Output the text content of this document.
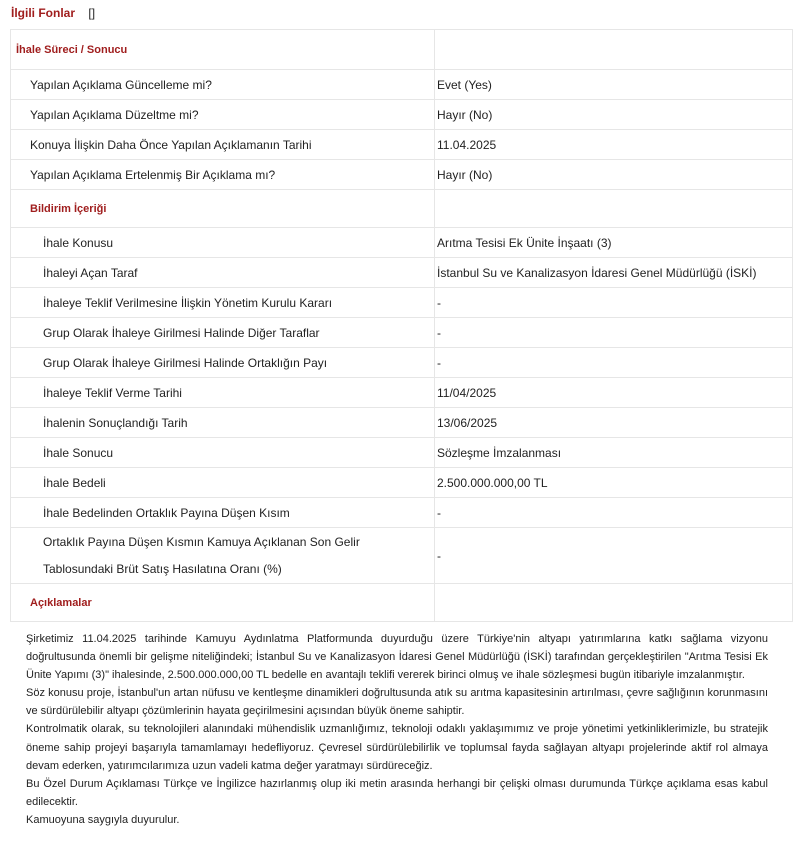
İlgili Fonlar []
İhale Süreci / Sonucu	
Yapılan Açıklama Güncelleme mi?	Evet (Yes)
Yapılan Açıklama Düzeltme mi?	Hayır (No)
Konuya İlişkin Daha Önce Yapılan Açıklamanın Tarihi	11.04.2025
Yapılan Açıklama Ertelenmiş Bir Açıklama mı?	Hayır (No)
Bildirim İçeriği	
İhale Konusu	Arıtma Tesisi Ek Ünite İnşaatı (3)
İhaleyi Açan Taraf	İstanbul Su ve Kanalizasyon İdaresi Genel Müdürlüğü (İSKİ)
İhaleye Teklif Verilmesine İlişkin Yönetim Kurulu Kararı	-
Grup Olarak İhaleye Girilmesi Halinde Diğer Taraflar	-
Grup Olarak İhaleye Girilmesi Halinde Ortaklığın Payı	-
İhaleye Teklif Verme Tarihi	11/04/2025
İhalenin Sonuçlandığı Tarih	13/06/2025
İhale Sonucu	Sözleşme İmzalanması
İhale Bedeli	2.500.000.000,00 TL
İhale Bedelinden Ortaklık Payına Düşen Kısım	-

Ortaklık Payına Düşen Kısmın Kamuya Açıklanan Son Gelir
Tablosundaki Brüt Satış Hasılatına Oranı (%)	-
Açıklamalar	

Şirketimiz 11.04.2025 tarihinde Kamuyu Aydınlatma Platformunda duyurduğu üzere Türkiye'nin altyapı yatırımlarına katkı sağlama vizyonu doğrultusunda önemli bir gelişme niteliğindeki; İstanbul Su ve Kanalizasyon İdaresi Genel Müdürlüğü (İSKİ) tarafından gerçekleştirilen "Arıtma Tesisi Ek Ünite Yapımı (3)" ihalesinde, 2.500.000.000,00 TL bedelle en avantajlı teklifi vererek birinci olmuş ve ihale sözleşmesi bugün itibariyle imzalanmıştır.

Söz konusu proje, İstanbul'un artan nüfusu ve kentleşme dinamikleri doğrultusunda atık su arıtma kapasitesinin artırılması, çevre sağlığının korunmasını ve sürdürülebilir altyapı çözümlerinin hayata geçirilmesini açısından büyük öneme sahiptir.

Kontrolmatik olarak, su teknolojileri alanındaki mühendislik uzmanlığımız, teknoloji odaklı yaklaşımımız ve proje yönetimi yetkinliklerimizle, bu stratejik öneme sahip projeyi başarıyla tamamlamayı hedefliyoruz. Çevresel sürdürülebilirlik ve toplumsal fayda sağlayan altyapı projelerinde aktif rol almaya devam ederken, yatırımcılarımıza uzun vadeli katma değer yaratmayı sürdüreceğiz.

Bu Özel Durum Açıklaması Türkçe ve İngilizce hazırlanmış olup iki metin arasında herhangi bir çelişki olması durumunda Türkçe açıklama esas kabul edilecektir.

Kamuoyuna saygıyla duyurulur.
